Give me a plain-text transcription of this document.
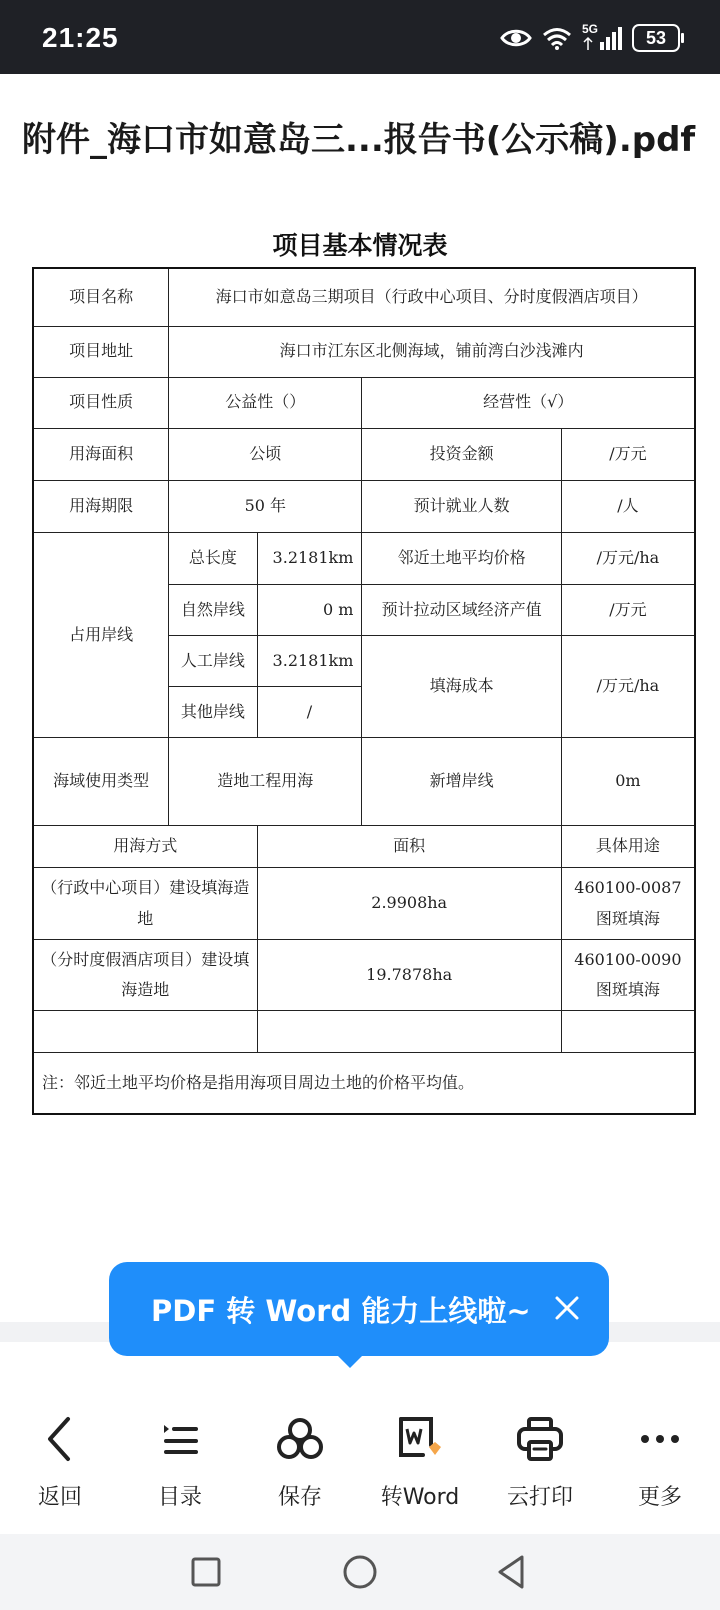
21:25	5G	53
附件_海口市如意岛三...报告书(公示稿).pdf
项目基本情况表
项目名称	海口市如意岛三期项目（行政中心项目、分时度假酒店项目）			
项目地址	海口市江东区北侧海域，铺前湾白沙浅滩内			
项目性质	公益性（）		经营性（√）	
用海面积	公顷		投资金额	/万元
用海期限	50 年		预计就业人数	/人
占用岸线	总长度	3.2181km	邻近土地平均价格	/万元/ha
	自然岸线	0 m	预计拉动区域经济产值	/万元
	人工岸线	3.2181km	填海成本	/万元/ha
	其他岸线	/		
海域使用类型	造地工程用海		新增岸线	0m
用海方式		面积		具体用途
（行政中心项目）建设填海造地		2.9908ha		460100-0087 图斑填海
（分时度假酒店项目）建设填海造地		19.7878ha		460100-0090 图斑填海

注：邻近土地平均价格是指用海项目周边土地的价格平均值。				
PDF 转 Word 能力上线啦~
返回	目录	保存	转Word	云打印	更多
